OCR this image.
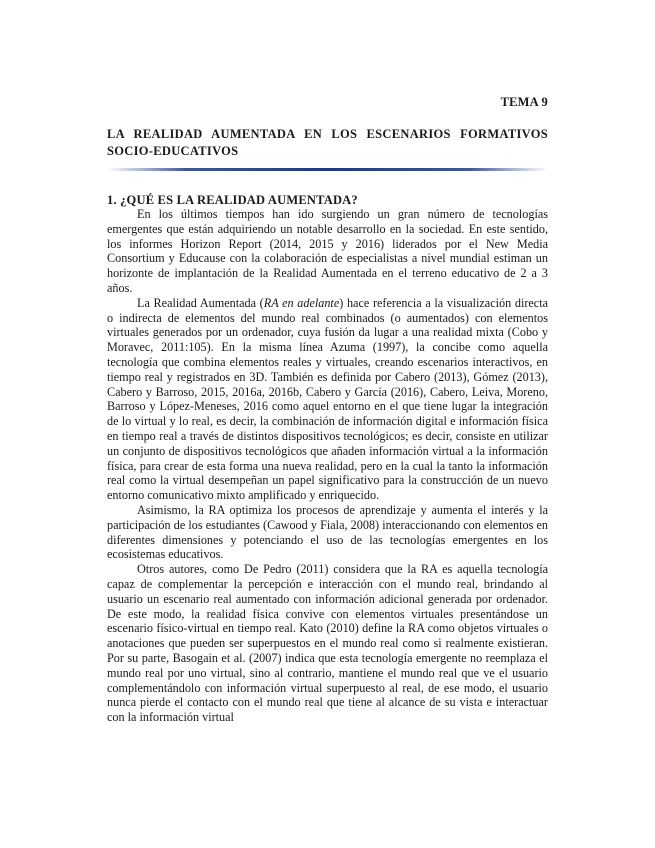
TEMA 9
LA REALIDAD AUMENTADA EN LOS ESCENARIOS FORMATIVOS SOCIO-EDUCATIVOS
1. ¿QUÉ ES LA REALIDAD AUMENTADA?

En los últimos tiempos han ido surgiendo un gran número de tecnologías emergentes que están adquiriendo un notable desarrollo en la sociedad. En este sentido, los informes Horizon Report (2014, 2015 y 2016) liderados por el New Media Consortium y Educause con la colaboración de especialistas a nivel mundial estiman un horizonte de implantación de la Realidad Aumentada en el terreno educativo de 2 a 3 años.

La Realidad Aumentada (RA en adelante) hace referencia a la visualización directa o indirecta de elementos del mundo real combinados (o aumentados) con elementos virtuales generados por un ordenador, cuya fusión da lugar a una realidad mixta (Cobo y Moravec, 2011:105). En la misma línea Azuma (1997), la concibe como aquella tecnología que combina elementos reales y virtuales, creando escenarios interactivos, en tiempo real y registrados en 3D. También es definida por Cabero (2013), Gómez (2013), Cabero y Barroso, 2015, 2016a, 2016b, Cabero y García (2016), Cabero, Leiva, Moreno, Barroso y López-Meneses, 2016 como aquel entorno en el que tiene lugar la integración de lo virtual y lo real, es decir, la combinación de información digital e información física en tiempo real a través de distintos dispositivos tecnológicos; es decir, consiste en utilizar un conjunto de dispositivos tecnológicos que añaden información virtual a la información física, para crear de esta forma una nueva realidad, pero en la cual la tanto la información real como la virtual desempeñan un papel significativo para la construcción de un nuevo entorno comunicativo mixto amplificado y enriquecido.

Asimismo, la RA optimiza los procesos de aprendizaje y aumenta el interés y la participación de los estudiantes (Cawood y Fiala, 2008) interaccionando con elementos en diferentes dimensiones y potenciando el uso de las tecnologías emergentes en los ecosistemas educativos.

Otros autores, como De Pedro (2011) considera que la RA es aquella tecnología capaz de complementar la percepción e interacción con el mundo real, brindando al usuario un escenario real aumentado con información adicional generada por ordenador. De este modo, la realidad física convive con elementos virtuales presentándose un escenario físico-virtual en tiempo real. Kato (2010) define la RA como objetos virtuales o anotaciones que pueden ser superpuestos en el mundo real como si realmente existieran. Por su parte, Basogain et al. (2007) indica que esta tecnología emergente no reemplaza el mundo real por uno virtual, sino al contrario, mantiene el mundo real que ve el usuario complementándolo con información virtual superpuesto al real, de ese modo, el usuario nunca pierde el contacto con el mundo real que tiene al alcance de su vista e interactuar con la información virtual
